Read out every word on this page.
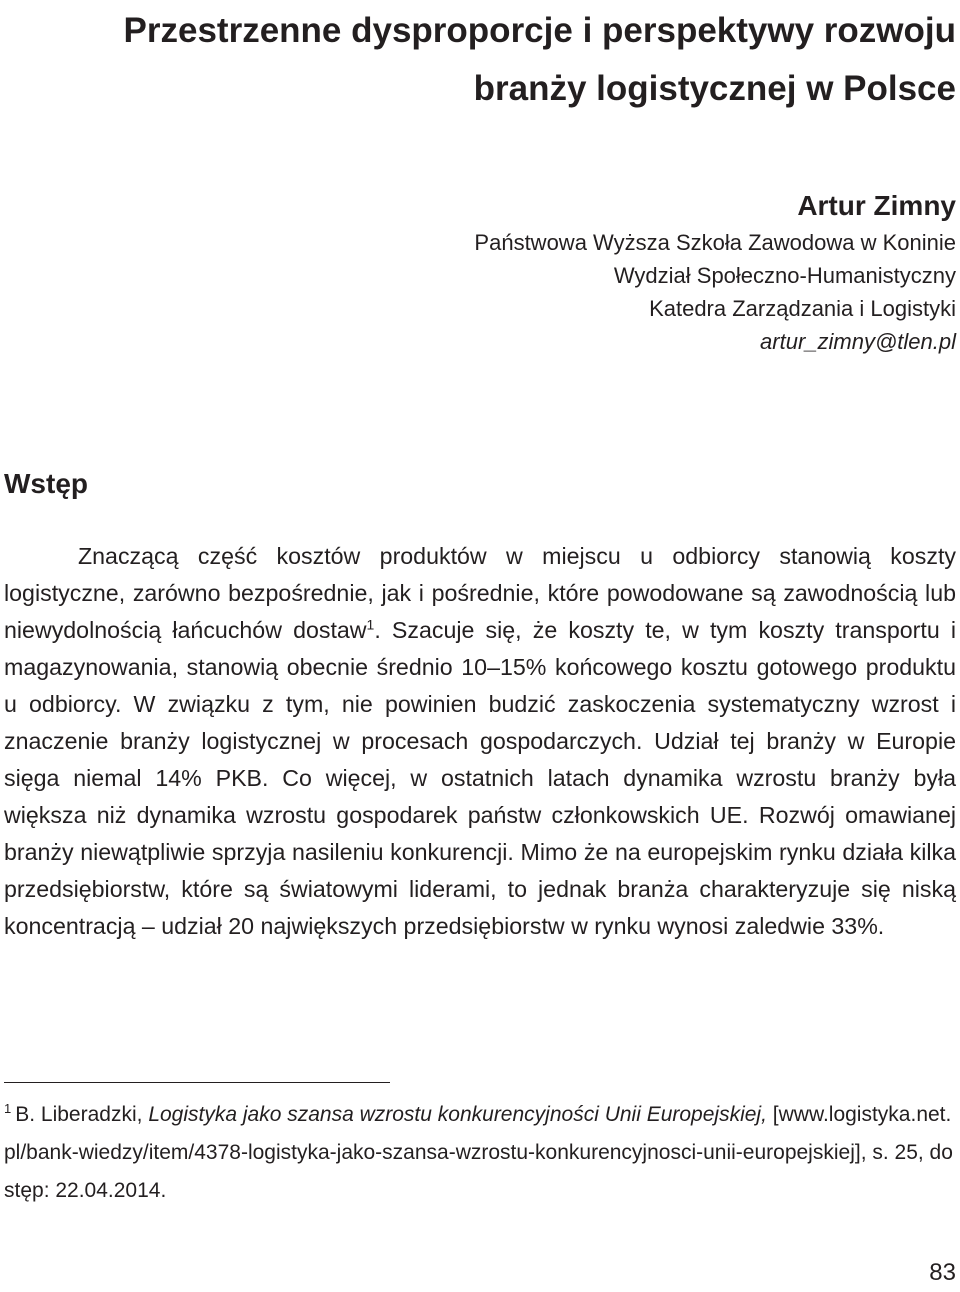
Przestrzenne dysproporcje i perspektywy rozwoju
branży logistycznej w Polsce

Artur Zimny

Państwowa Wyższa Szkoła Zawodowa w Koninie

Wydział Społeczno-Humanistyczny

Katedra Zarządzania i Logistyki

artur_zimny@tlen.pl

Wstęp

Znaczącą część kosztów produktów w miejscu u odbiorcy stanowią koszty logistyczne, zarówno bezpośrednie, jak i pośrednie, które powodowane są zawodnością lub niewydolnością łańcuchów dostaw$^1$. Szacuje się, że koszty te, w tym koszty transportu i magazynowania, stanowią obecnie średnio 10–15% końcowego kosztu gotowego produktu u odbiorcy. W związku z tym, nie powinien budzić zaskoczenia systematyczny wzrost i znaczenie branży logistycznej w procesach gospodarczych. Udział tej branży w Europie sięga niemal 14% PKB. Co więcej, w ostatnich latach dynamika wzrostu branży była większa niż dynamika wzrostu gospodarek państw członkowskich UE. Rozwój omawianej branży niewątpliwie sprzyja nasileniu konkurencji. Mimo że na europejskim rynku działa kilka przedsiębiorstw, które są światowymi liderami, to jednak branża charakteryzuje się niską koncentracją – udział 20 największych przedsiębiorstw w rynku wynosi zaledwie 33%.

$^1$ B. Liberadzki, Logistyka jako szansa wzrostu konkurencyjności Unii Europejskiej, [www.logistyka.net.pl/bank-wiedzy/item/4378-logistyka-jako-szansa-wzrostu-konkurencyjnosci-unii-europejskiej], s. 25, dostęp: 22.04.2014.

83
